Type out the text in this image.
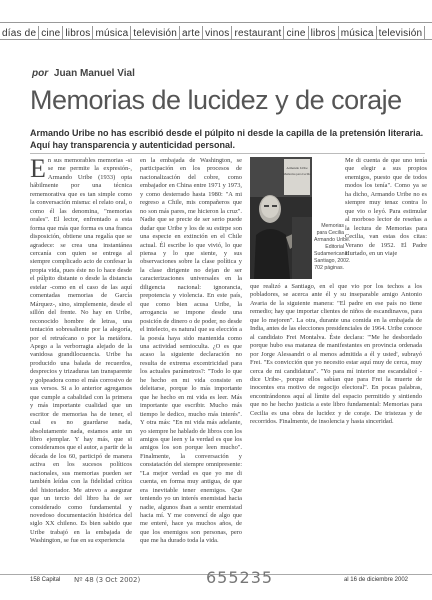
días de cine libros música televisión arte vinos restaurant cine libros música televisión
por Juan Manuel Vial
Memorias de lucidez y de coraje
Armando Uribe no has escribió desde el púlpito ni desde la capilla de la pretensión literaria.
Aquí hay transparencia y autenticidad personal.
E n sus memorables memorias -si se me permite la expresión-, Armando Uribe (1933) opta hábilmente por una técnica rememorativa que es tan simple como la conversación misma: el relato oral, o como él las denomina, "memorias orales". El lector, enfrentado a esta forma que más que forma es una franca disposición, obtiene una regalía que se agradece: se crea una instantánea cercanía con quien se entrega al siempre complicado acto de confesar la propia vida, pues éste no lo hace desde el púlpito distante o desde la distancia estelar -como en el caso de las aquí comentadas memorias de García Márquez-, sino, simplemente, desde el sillón del frente. No hay en Uribe, reconocido hombre de letras, una tentación sobresaliente por la alegoría, por el retruécano o por la metáfora. Apego a la verborragia alejado de la vanidosa grandilocuencia. Uribe ha producido una balada de recuerdos, desprecios y trizaduras tan transparente y golpeadora como el más corrosivo de sus versos. Si a lo anterior agregamos que cumple a cabalidad con la primera y más importante cualidad que un escritor de memorias ha de tener, el cual es no guardarse nada, absolutamente nada, estamos ante un libro ejemplar. Y hay más, que si consideramos que el autor, a partir de la década de los 60, participó de manera activa en los sucesos políticos nacionales, sus memorias pueden ser también leídas con la fidelidad crítica del historiador. Me atrevo a asegurar que un tercio del libro ha de ser considerado como fundamental y novedoso documentación histórica del siglo XX chileno. Es bien sabido que Uribe trabajó en la embajada de Washington, se fue en su experiencia
en la embajada de Washington, se participación en los procesos de nacionalización del cobre, como embajador en China entre 1971 y 1973, y como desterrado hasta 1980: "A mi regreso a Chile, mis compañeros que no son más pares, me hicieron la cruz". Nadie que se precie de ser serio puede dudar que Uribe y los de su estirpe son una especie en extinción en el Chile actual. Él escribe lo que vivió, lo que piensa y lo que siente, y sus observaciones sobre la clase política y la clase dirigente no dejan de ser caracterizaciones universales en la diligencia nacional: ignorancia, prepotencia y violencia. En este país, que como bien acusa Uribe, la arrogancia se impone desde una posición de dinero o de poder, no desde el intelecto, es natural que su elección a la poesía haya sido mantenida como una actividad semioculta. ¿O es que acaso la siguiente declaración no resulta de extrema excentricidad para los actuales parámetros?: "Todo lo que he hecho en mi vida consiste en deleitarse, porque lo más importante que he hecho en mi vida es leer. Más importante que escribir. Mucho más tiempo le dedico, mucho más interés". Y otra más: "En mi vida más adelante, yo siempre he hablado de libros con los amigos que leen y la verdad es que los amigos los son porque leen mucho". Finalmente, la conversación y constatación del siempre omnipresente: "La mejor verdad es que yo me di cuenta, en forma muy antigua, de que era inevitable tener enemigos. Que teniendo yo un interés enemistad hacia nadie, algunos iban a sentir enemistad hacia mí. Y me convencí de algo que me enteré, hace ya muchos años, de que los enemigos son personas, pero que me ha durado toda la vida.
Armando Uribe
Memorias para Cecilia
Memorias
para Cecilia
Armando Uribe.
Editorial
Sudamericana.
Santiago, 2002.
702 páginas.
Me di cuenta de que uno tenía que elegir a sus propios enemigos, puesto que de todos modos los tenía". Como ya se ha dicho, Armando Uribe no es siempre muy tenaz contra lo que vio o leyó. Para estimular al morboso lector de reseñas a la lectura de Memorias para Cecilia, van estas dos citas: Verano de 1952. El Padre Hurtado, en un viaje
que realizó a Santiago, en el que vio por los techos a los pobladores, se acerca ante él y su inseparable amigo Antonio Avaria de la siguiente manera: "El padre en ese país no tiene remedio; hay que importar clientes de niños de escandinavos, para que lo mejoren". La otra, durante una comida en la embajada de India, antes de las elecciones presidenciales de 1964. Uribe conoce al candidato Frei Montalva. Éste declara: "'Me he desbordado porque hubo esa matanza de manifestantes en provincia ordenada por Jorge Alessandri o al menos admitida a él y usted', subrayó Frei. "Es convicción que yo necesito estar aquí muy de cerca, muy cerca de mi candidatura". "Yo para mí interior me escandalicé -dice Uribe-, porque ellos sabían que para Frei la muerte de inocentes era motivo de regocijo electoral". En pocas palabras, encontrándonos aquí al límite del espacio permitido y sintiendo que no he hecho justicia a este libro fundamental: Memorias para Cecilia es una obra de lucidez y de coraje. De tristezas y de recorridos. Finalmente, de insolencia y hasta sinceridad.
158 Capital	al 16 de diciembre 2002
Nº 48 (3 Oct 2002)	655235
